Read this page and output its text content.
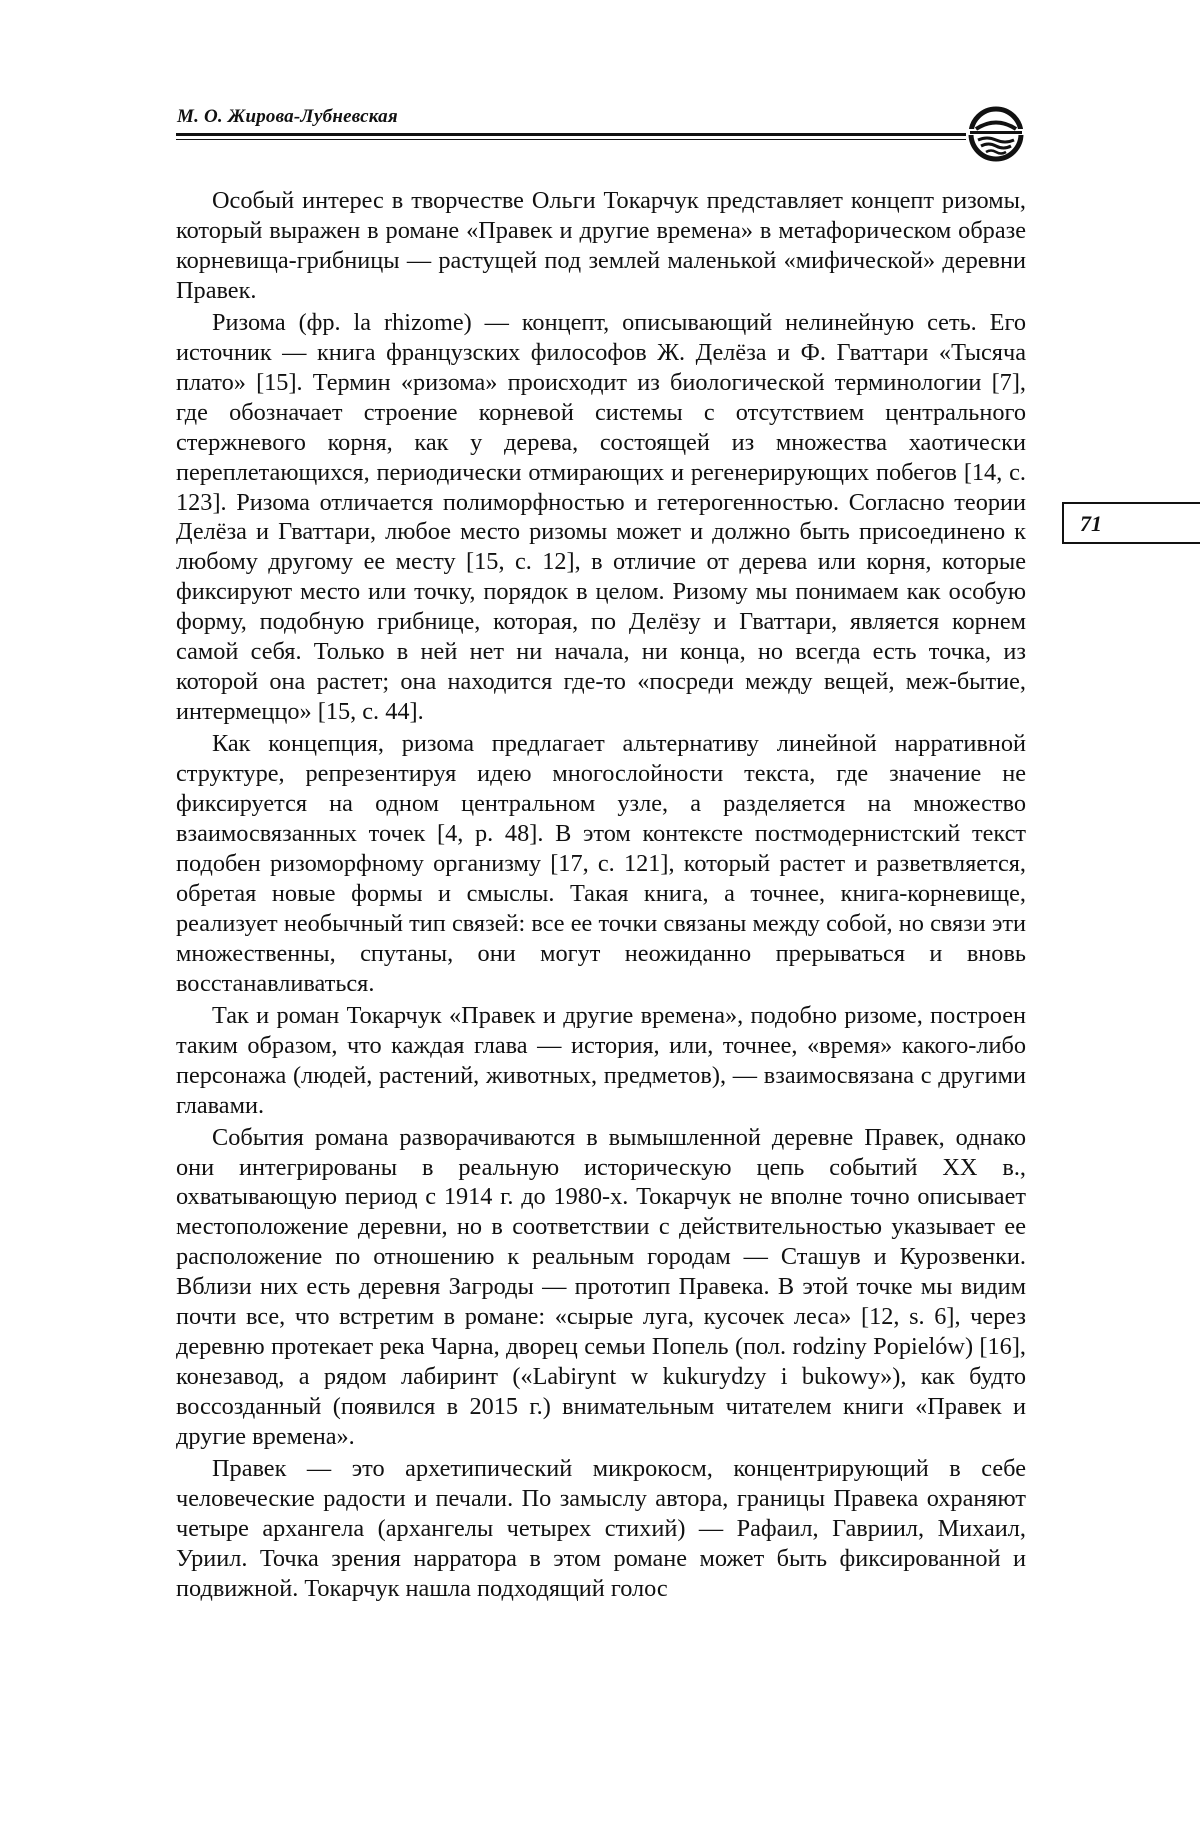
М. О. Жирова-Лубневская
71

Особый интерес в творчестве Ольги Токарчук представляет концепт ризомы, который выражен в романе «Правек и другие времена» в метафорическом образе корневища-грибницы — растущей под землей маленькой «мифической» деревни Правек.

Ризома (фр. la rhizome) — концепт, описывающий нелинейную сеть. Его источник — книга французских философов Ж. Делёза и Ф. Гваттари «Тысяча плато» [15]. Термин «ризома» происходит из биологической терминологии [7], где обозначает строение корневой системы с отсутствием центрального стержневого корня, как у дерева, состоящей из множества хаотически переплетающихся, периодически отмирающих и регенерирующих побегов [14, с. 123]. Ризома отличается полиморфностью и гетерогенностью. Согласно теории Делёза и Гваттари, любое место ризомы может и должно быть присоединено к любому другому ее месту [15, с. 12], в отличие от дерева или корня, которые фиксируют место или точку, порядок в целом. Ризому мы понимаем как особую форму, подобную грибнице, которая, по Делёзу и Гваттари, является корнем самой себя. Только в ней нет ни начала, ни конца, но всегда есть точка, из которой она растет; она находится где-то «посреди между вещей, меж-бытие, интермеццо» [15, с. 44].

Как концепция, ризома предлагает альтернативу линейной нарративной структуре, репрезентируя идею многослойности текста, где значение не фиксируется на одном центральном узле, а разделяется на множество взаимосвязанных точек [4, p. 48]. В этом контексте постмодернистский текст подобен ризоморфному организму [17, с. 121], который растет и разветвляется, обретая новые формы и смыслы. Такая книга, а точнее, книга-корневище, реализует необычный тип связей: все ее точки связаны между собой, но связи эти множественны, спутаны, они могут неожиданно прерываться и вновь восстанавливаться.

Так и роман Токарчук «Правек и другие времена», подобно ризоме, построен таким образом, что каждая глава — история, или, точнее, «время» какого-либо персонажа (людей, растений, животных, предметов), — взаимосвязана с другими главами.

События романа разворачиваются в вымышленной деревне Правек, однако они интегрированы в реальную историческую цепь событий XX в., охватывающую период с 1914 г. до 1980-х. Токарчук не вполне точно описывает местоположение деревни, но в соответствии с действительностью указывает ее расположение по отношению к реальным городам — Сташув и Курозвенки. Вблизи них есть деревня Загроды — прототип Правека. В этой точке мы видим почти все, что встретим в романе: «сырые луга, кусочек леса» [12, s. 6], через деревню протекает река Чарна, дворец семьи Попель (пол. rodziny Popielów) [16], конезавод, а рядом лабиринт («Labirynt w kukurydzy i bukowy»), как будто воссозданный (появился в 2015 г.) внимательным читателем книги «Правек и другие времена».

Правек — это архетипический микрокосм, концентрирующий в себе человеческие радости и печали. По замыслу автора, границы Правека охраняют четыре архангела (архангелы четырех стихий) — Рафаил, Гавриил, Михаил, Уриил. Точка зрения нарратора в этом романе может быть фиксированной и подвижной. Токарчук нашла подходящий голос
